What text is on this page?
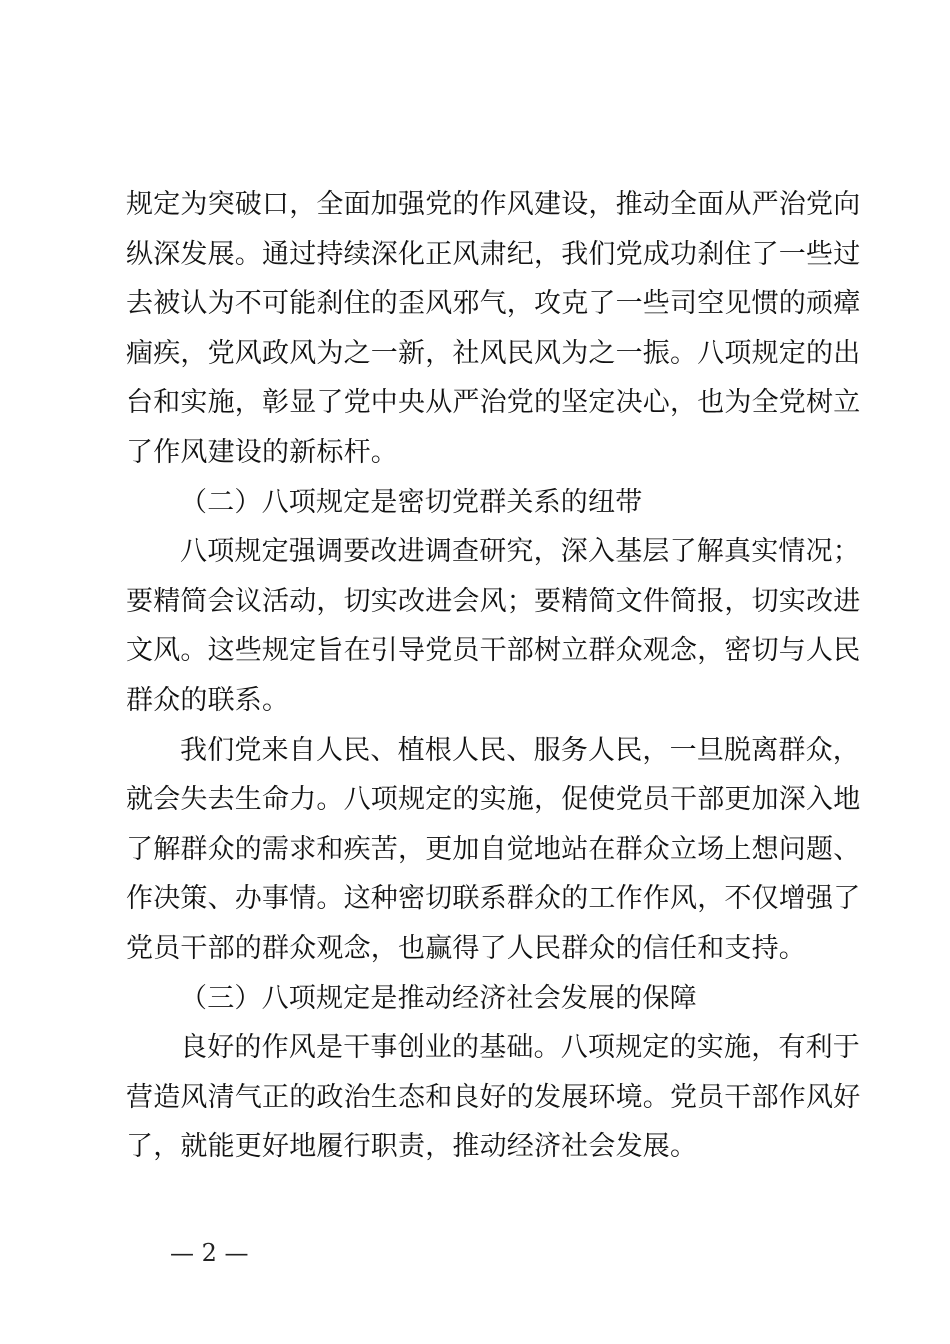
规定为突破口，全面加强党的作风建设，推动全面从严治党向
纵深发展。通过持续深化正风肃纪，我们党成功刹住了一些过
去被认为不可能刹住的歪风邪气，攻克了一些司空见惯的顽瘴
痼疾，党风政风为之一新，社风民风为之一振。八项规定的出
台和实施，彰显了党中央从严治党的坚定决心，也为全党树立
了作风建设的新标杆。
（二）八项规定是密切党群关系的纽带
八项规定强调要改进调查研究，深入基层了解真实情况；
要精简会议活动，切实改进会风；要精简文件简报，切实改进
文风。这些规定旨在引导党员干部树立群众观念，密切与人民
群众的联系。
我们党来自人民、植根人民、服务人民，一旦脱离群众，
就会失去生命力。八项规定的实施，促使党员干部更加深入地
了解群众的需求和疾苦，更加自觉地站在群众立场上想问题、
作决策、办事情。这种密切联系群众的工作作风，不仅增强了
党员干部的群众观念，也赢得了人民群众的信任和支持。
（三）八项规定是推动经济社会发展的保障
良好的作风是干事创业的基础。八项规定的实施，有利于
营造风清气正的政治生态和良好的发展环境。党员干部作风好
了，就能更好地履行职责，推动经济社会发展。
— 2 —
